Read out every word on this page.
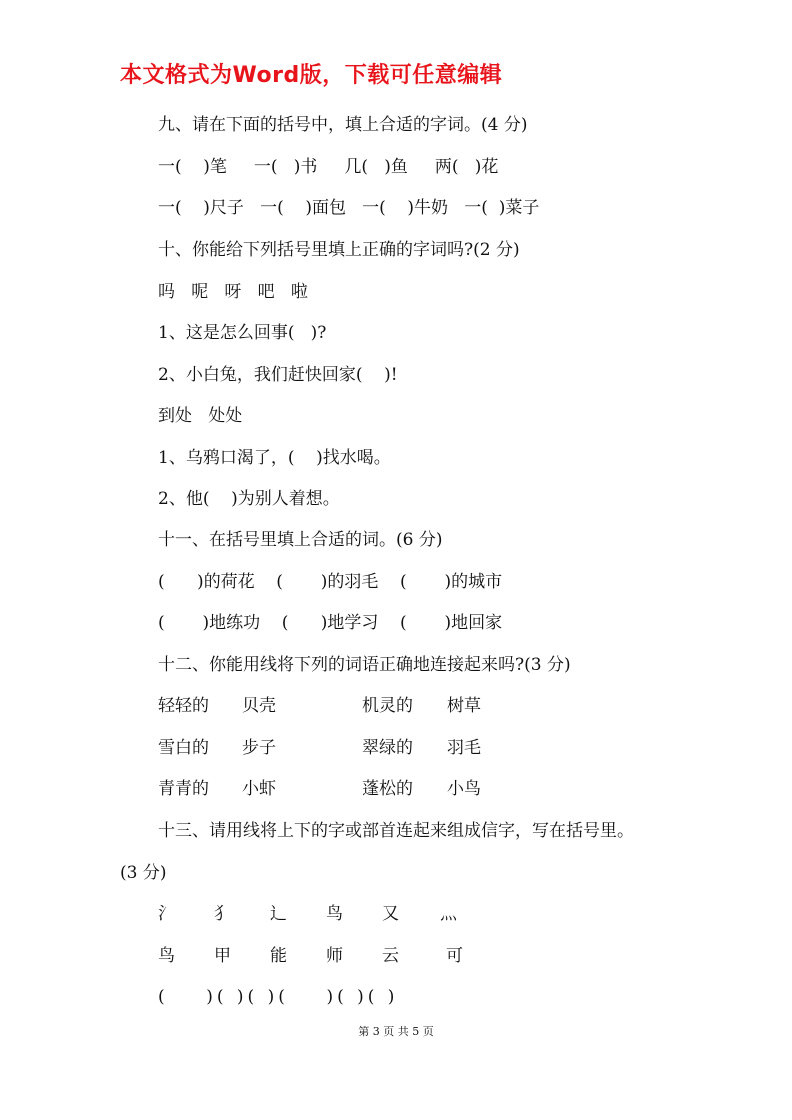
本文格式为Word版，下载可任意编辑
九、请在下面的括号中，填上合适的字词。(4 分)
一(    )笔     一(   )书     几(   )鱼     两(   )花
一(    )尺子   一(    )面包   一(    )牛奶   一(  )菜子
十、你能给下列括号里填上正确的字词吗?(2 分)
吗   呢   呀   吧   啦
1、这是怎么回事(   )?
2、小白兔，我们赶快回家(    )!
到处   处处
1、乌鸦口渴了，(    )找水喝。
2、他(    )为别人着想。
十一、在括号里填上合适的词。(6 分)
(      )的荷花    (       )的羽毛    (       )的城市
(       )地练功    (      )地学习    (       )地回家
十二、你能用线将下列的词语正确地连接起来吗?(3 分)
轻轻的 贝壳	机灵的 树草
雪白的 步子	翠绿的 羽毛
青青的 小虾	蓬松的 小鸟
十三、请用线将上下的字或部首连起来组成信字，写在括号里。
(3 分)
氵 犭 辶 鸟 又 灬
鸟 甲 能 师 云	可
(    )( )( )(    )( )( )
第 3 页 共 5 页
